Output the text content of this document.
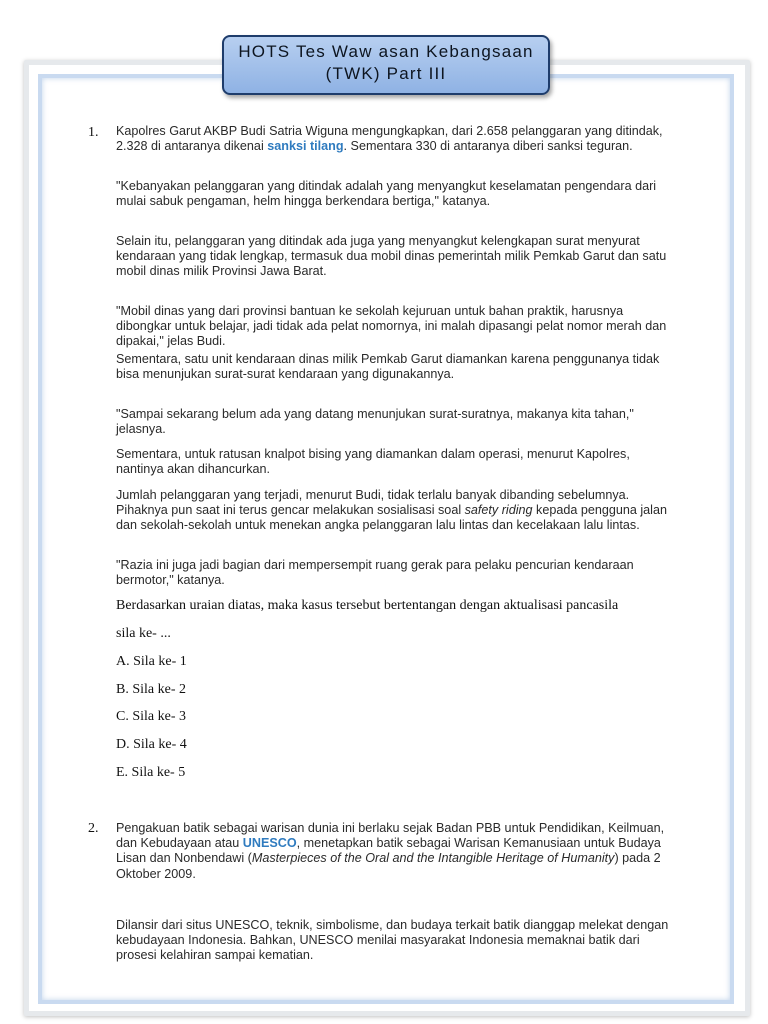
HOTS Tes Waw asan Kebangsaan
(TWK) Part III
1. Kapolres Garut AKBP Budi Satria Wiguna mengungkapkan, dari 2.658 pelanggaran yang ditindak, 2.328 di antaranya dikenai sanksi tilang. Sementara 330 di antaranya diberi sanksi teguran.

"Kebanyakan pelanggaran yang ditindak adalah yang menyangkut keselamatan pengendara dari mulai sabuk pengaman, helm hingga berkendara bertiga," katanya.
Selain itu, pelanggaran yang ditindak ada juga yang menyangkut kelengkapan surat menyurat kendaraan yang tidak lengkap, termasuk dua mobil dinas pemerintah milik Pemkab Garut dan satu mobil dinas milik Provinsi Jawa Barat.
"Mobil dinas yang dari provinsi bantuan ke sekolah kejuruan untuk bahan praktik, harusnya dibongkar untuk belajar, jadi tidak ada pelat nomornya, ini malah dipasangi pelat nomor merah dan dipakai," jelas Budi.
Sementara, satu unit kendaraan dinas milik Pemkab Garut diamankan karena penggunanya tidak bisa menunjukan surat-surat kendaraan yang digunakannya.
"Sampai sekarang belum ada yang datang menunjukan surat-suratnya, makanya kita tahan," jelasnya.
Sementara, untuk ratusan knalpot bising yang diamankan dalam operasi, menurut Kapolres, nantinya akan dihancurkan.

Jumlah pelanggaran yang terjadi, menurut Budi, tidak terlalu banyak dibanding sebelumnya. Pihaknya pun saat ini terus gencar melakukan sosialisasi soal safety riding kepada pengguna jalan dan sekolah-sekolah untuk menekan angka pelanggaran lalu lintas dan kecelakaan lalu lintas.

"Razia ini juga jadi bagian dari mempersempit ruang gerak para pelaku pencurian kendaraan bermotor," katanya.
Berdasarkan uraian diatas, maka kasus tersebut bertentangan dengan aktualisasi pancasila
sila ke- ...
A. Sila ke- 1
B. Sila ke- 2
C. Sila ke- 3
D. Sila ke- 4
E. Sila ke- 5
2. Pengakuan batik sebagai warisan dunia ini berlaku sejak Badan PBB untuk Pendidikan, Keilmuan, dan Kebudayaan atau UNESCO, menetapkan batik sebagai Warisan Kemanusiaan untuk Budaya Lisan dan Nonbendawi (Masterpieces of the Oral and the Intangible Heritage of Humanity) pada 2 Oktober 2009.

Dilansir dari situs UNESCO, teknik, simbolisme, dan budaya terkait batik dianggap melekat dengan kebudayaan Indonesia. Bahkan, UNESCO menilai masyarakat Indonesia memaknai batik dari prosesi kelahiran sampai kematian.
